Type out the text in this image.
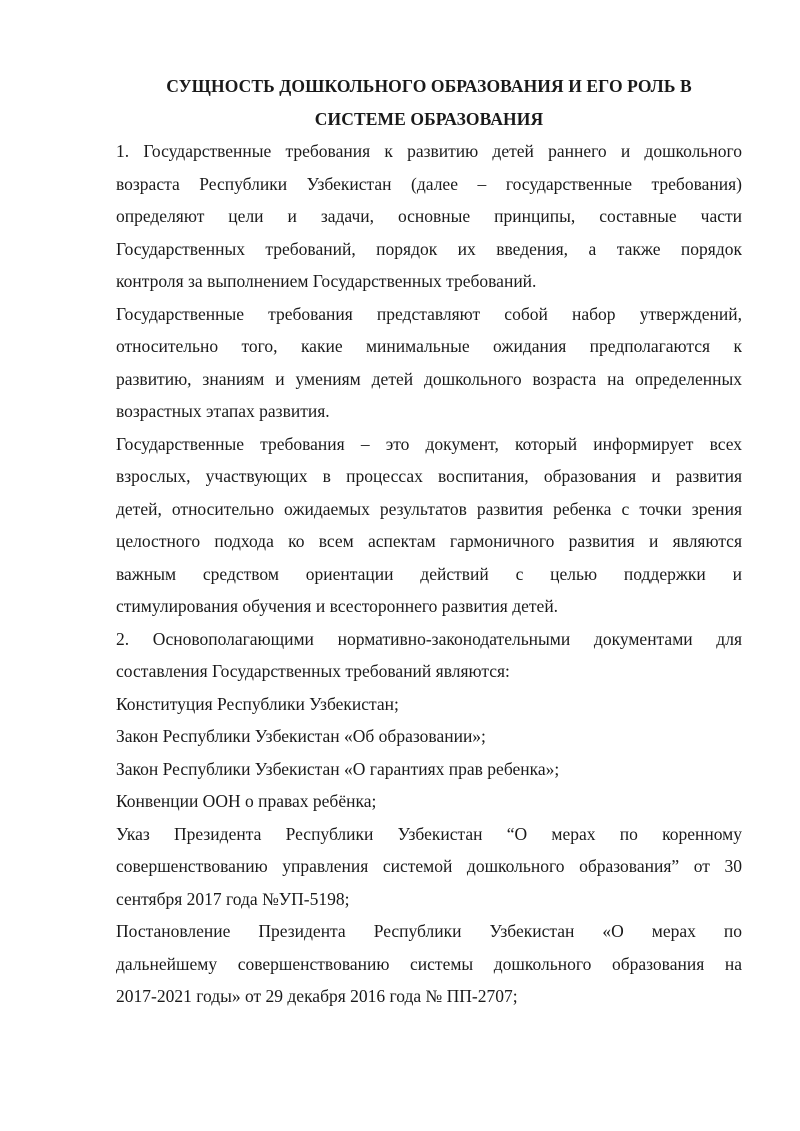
СУЩНОСТЬ ДОШКОЛЬНОГО ОБРАЗОВАНИЯ И ЕГО РОЛЬ В
СИСТЕМЕ ОБРАЗОВАНИЯ

1. Государственные требования к развитию детей раннего и дошкольного
возраста Республики Узбекистан (далее – государственные требования)
определяют цели и задачи, основные принципы, составные части
Государственных требований, порядок их введения, а также порядок
контроля за выполнением Государственных требований.

Государственные требования представляют собой набор утверждений,
относительно того, какие минимальные ожидания предполагаются к
развитию, знаниям и умениям детей дошкольного возраста на определенных
возрастных этапах развития.

Государственные требования – это документ, который информирует всех
взрослых, участвующих в процессах воспитания, образования и развития
детей, относительно ожидаемых результатов развития ребенка с точки зрения
целостного подхода ко всем аспектам гармоничного развития и являются
важным средством ориентации действий с целью поддержки и
стимулирования обучения и всестороннего развития детей.

2. Основополагающими нормативно-законодательными документами для
составления Государственных требований являются:

Конституция Республики Узбекистан;

Закон Республики Узбекистан «Об образовании»;

Закон Республики Узбекистан «О гарантиях прав ребенка»;

Конвенции ООН о правах ребёнка;

Указ Президента Республики Узбекистан “О мерах по коренному
совершенствованию управления системой дошкольного образования” от 30
сентября 2017 года №УП-5198;

Постановление Президента Республики Узбекистан «О мерах по
дальнейшему совершенствованию системы дошкольного образования на
2017-2021 годы» от 29 декабря 2016 года № ПП-2707;
